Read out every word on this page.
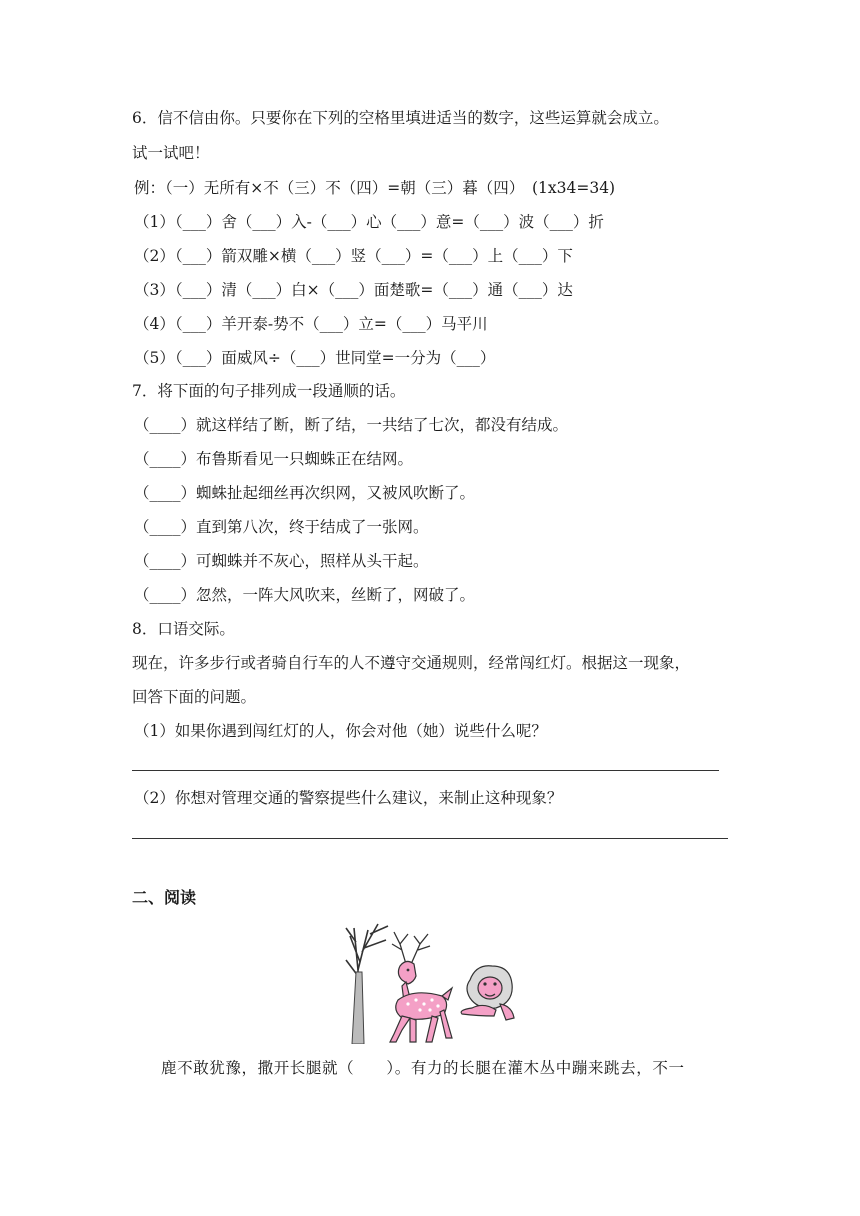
6．信不信由你。只要你在下列的空格里填进适当的数字，这些运算就会成立。
试一试吧！
例：（一）无所有×不（三）不（四）=朝（三）暮（四）　(1x34=34)
（1）（___）舍（___）入-（___）心（___）意=（___）波（___）折
（2）（___）箭双雕×横（___）竖（___）=（___）上（___）下
（3）（___）清（___）白×（___）面楚歌=（___）通（___）达
（4）（___）羊开泰-势不（___）立=（___）马平川
（5）（___）面威风÷（___）世同堂=一分为（___）
7．将下面的句子排列成一段通顺的话。
（____）就这样结了断，断了结，一共结了七次，都没有结成。
（____）布鲁斯看见一只蜘蛛正在结网。
（____）蜘蛛扯起细丝再次织网，又被风吹断了。
（____）直到第八次，终于结成了一张网。
（____）可蜘蛛并不灰心，照样从头干起。
（____）忽然，一阵大风吹来，丝断了，网破了。
8．口语交际。
现在，许多步行或者骑自行车的人不遵守交通规则，经常闯红灯。根据这一现象，
回答下面的问题。
（1）如果你遇到闯红灯的人，你会对他（她）说些什么呢？
（2）你想对管理交通的警察提些什么建议，来制止这种现象？
二、阅读
鹿不敢犹豫，撒开长腿就（　　）。有力的长腿在灌木丛中蹦来跳去，不一
